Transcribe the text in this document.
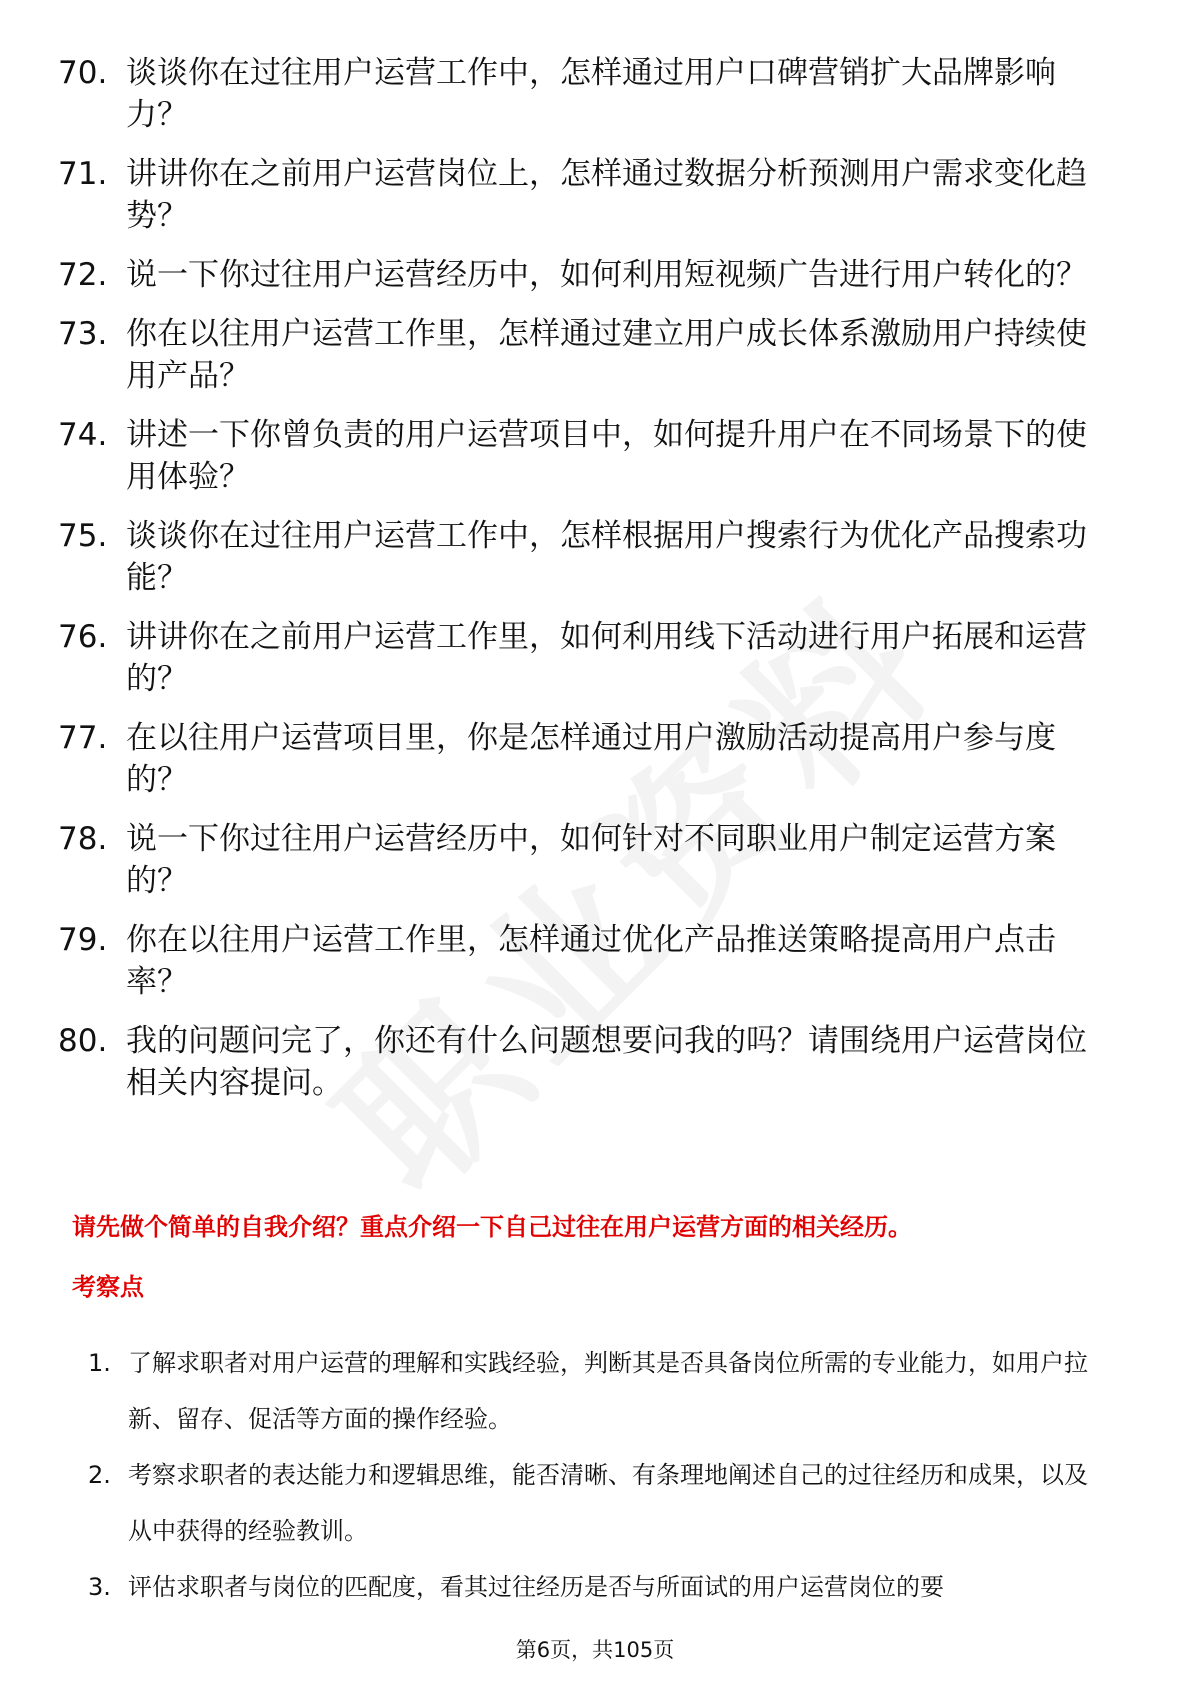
70. 谈谈你在过往用户运营工作中，怎样通过用户口碑营销扩大品牌影响力？
71. 讲讲你在之前用户运营岗位上，怎样通过数据分析预测用户需求变化趋势？
72. 说一下你过往用户运营经历中，如何利用短视频广告进行用户转化的？
73. 你在以往用户运营工作里，怎样通过建立用户成长体系激励用户持续使用产品？
74. 讲述一下你曾负责的用户运营项目中，如何提升用户在不同场景下的使用体验？
75. 谈谈你在过往用户运营工作中，怎样根据用户搜索行为优化产品搜索功能？
76. 讲讲你在之前用户运营工作里，如何利用线下活动进行用户拓展和运营的？
77. 在以往用户运营项目里，你是怎样通过用户激励活动提高用户参与度的？
78. 说一下你过往用户运营经历中，如何针对不同职业用户制定运营方案的？
79. 你在以往用户运营工作里，怎样通过优化产品推送策略提高用户点击率？
80. 我的问题问完了，你还有什么问题想要问我的吗？请围绕用户运营岗位相关内容提问。
请先做个简单的自我介绍？重点介绍一下自己过往在用户运营方面的相关经历。
考察点
1. 了解求职者对用户运营的理解和实践经验，判断其是否具备岗位所需的专业能力，如用户拉新、留存、促活等方面的操作经验。
2. 考察求职者的表达能力和逻辑思维，能否清晰、有条理地阐述自己的过往经历和成果，以及从中获得的经验教训。
3. 评估求职者与岗位的匹配度，看其过往经历是否与所面试的用户运营岗位的要
第6页，共105页
